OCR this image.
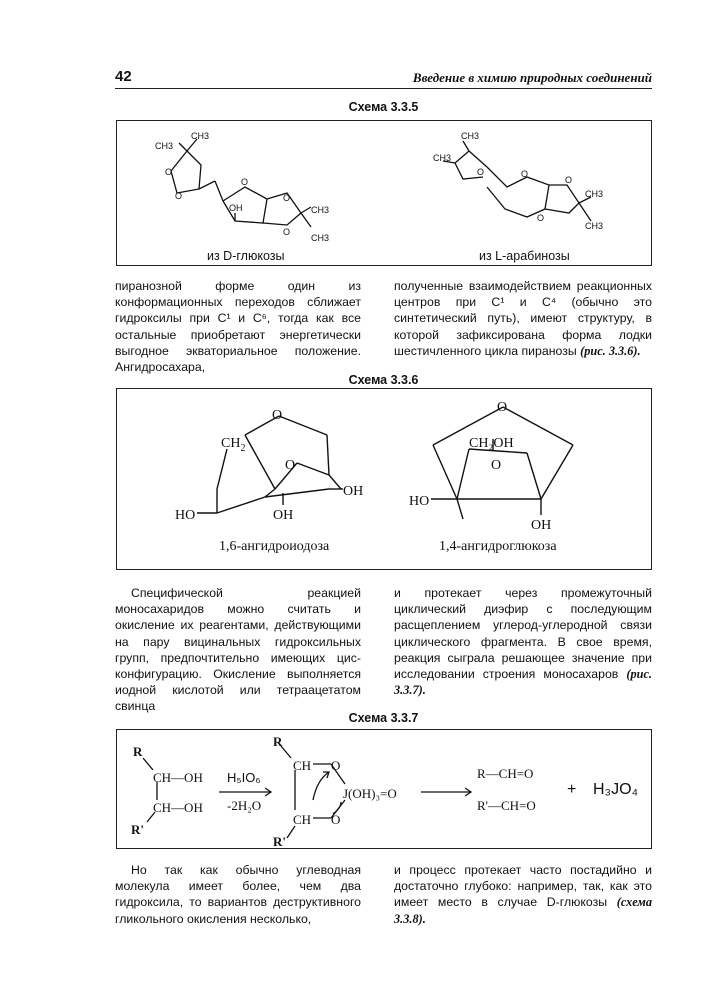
42	Введение в химию природных соединений
Схема 3.3.5
CH3
CH3
O
O
O
OH
O
O
CH3
CH3
CH3
CH3
O	O
O
O
CH3
CH3
из D-глюкозы	из L-арабинозы

пиранозной форме один из конформационных переходов сближает гидроксилы при C¹ и C⁶, тогда как все остальные приобретают энергетически выгодное экваториальное положение. Ангидросахара,

полученные взаимодействием реакционных центров при C¹ и C⁴ (обычно это синтетический путь), имеют структуру, в которой зафиксирована форма лодки шестичленного цикла пиранозы (рис. 3.3.6).

Схема 3.3.6
O
$CH_2$
O
OH
OH
HO
O
CH₂OH
O
HO
OH
1,6-ангидроиодоза	1,4-ангидроглюкоза

Специфической реакцией моносахаридов можно считать и окисление их реагентами, действующими на пару вицинальных гидроксильных групп, предпочтительно имеющих цис-конфигурацию. Окисление выполняется иодной кислотой или тетраацетатом свинца

и протекает через промежуточный циклический диэфир с последующим расщеплением углерод-углеродной связи циклического фрагмента. В свое время, реакция сыграла решающее значение при исследовании строения моносахаров (рис. 3.3.7).

Схема 3.3.7
R
CH—OH
CH—OH
R'
H₅IO₆
-2H₂O
R
CH
CH
R'
O
O
J(OH)₃=O
R—CH=O
R'—CH=O
+ H₃JO₄

Но так как обычно углеводная молекула имеет более, чем два гидроксила, то вариантов деструктивного гликольного окисления несколько,

и процесс протекает часто постадийно и достаточно глубоко: например, так, как это имеет место в случае D-глюкозы (схема 3.3.8).
